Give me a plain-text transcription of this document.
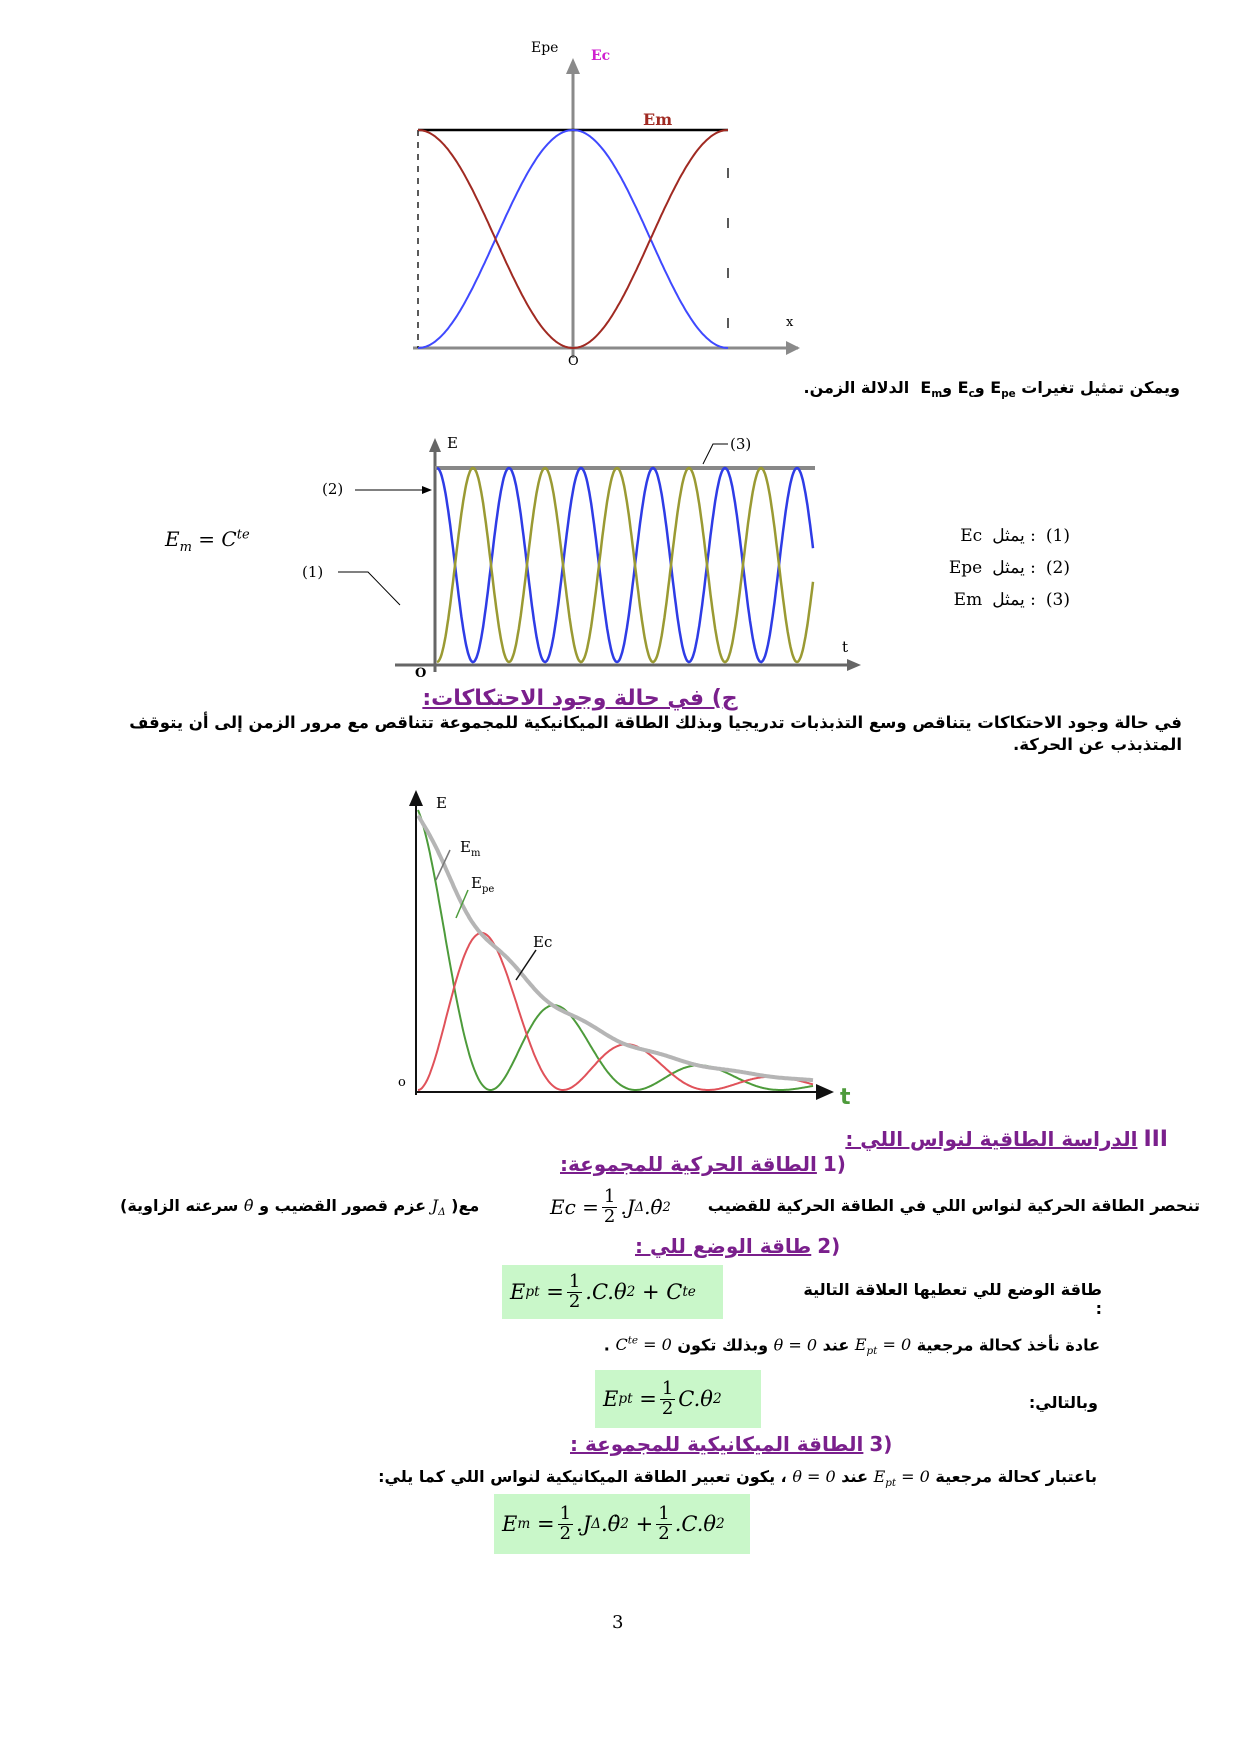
Epe Ec
Em
x
O
ويمكن تمثيل تغيرات $E_{pe}$ وE$_c$ وE$_m$  الدلالة الزمن.
E
t
O
(3)
(2)
(1)
$E_m = C^{te}$	Ec يمثل : (1)
Epe يمثل : (2)
Em يمثل : (3)
ج) في حالة وجود الاحتكاكات:
في حالة وجود الاحتكاكات يتناقص وسع التذبذبات تدريجيا وبذلك الطاقة الميكانيكية للمجموعة تتناقص مع مرور الزمن إلى أن يتوقف المتذبذب عن الحركة.
E
t
o
$E_m$
$E_{pe}$
Ec
III
الدراسة الطاقية لنواس اللي :
1)
الطاقة الحركية للمجموعة:
تنحصر الطاقة الحركية لنواس اللي في الطاقة الحركية للقضيب
$Ec = \frac{1}{2} .J$ Δ .θ̇ 2
مع( $J_\Delta$ عزم قصور القضيب و θ̇ سرعته الزاوية)
2)
طاقة الوضع للي :
طاقة الوضع للي تعطيها العلاقة التالية :
E pt = $\frac{1}{2} .C.\theta$ 2 + C te
عادة نأخذ كحالة مرجعية $E_{pt} = 0$ عند θ = 0 وبذلك تكون $C^{te} = 0$ .
وبالتالي:
E pt = $\frac{1}{2} C.\theta$ 2
3)
الطاقة الميكانيكية للمجموعة :
باعتبار كحالة مرجعية $E_{pt} = 0$ عند θ = 0 ، يكون تعبير الطاقة الميكانيكية لنواس اللي كما يلي:
E $m = \frac{1}{2} .J$ Δ .θ̇ $2 + \frac{1}{2} .C.\theta$ 2
3
